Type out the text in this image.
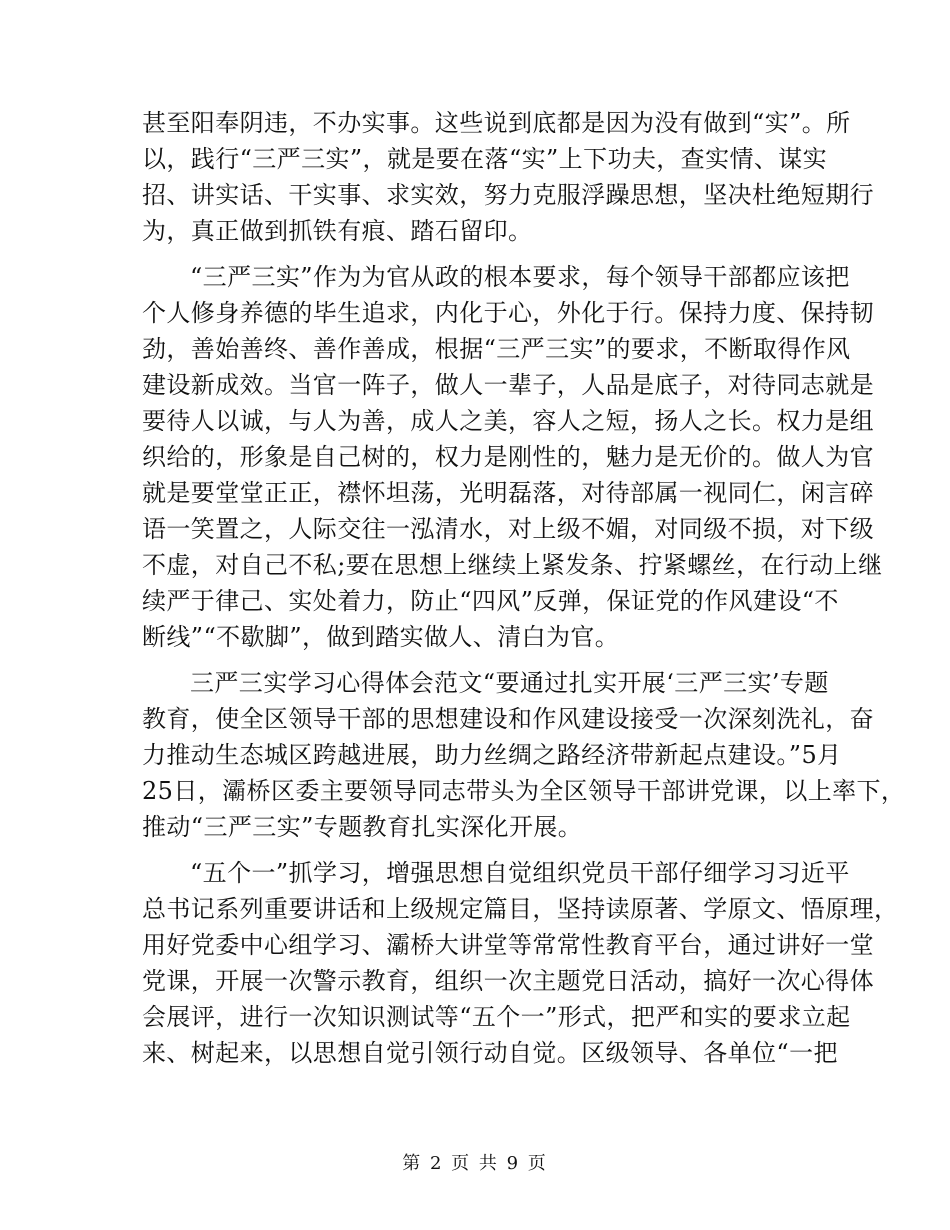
甚至阳奉阴违，不办实事。这些说到底都是因为没有做到“实”。所
以，践行“三严三实”，就是要在落“实”上下功夫，查实情、谋实
招、讲实话、干实事、求实效，努力克服浮躁思想，坚决杜绝短期行
为，真正做到抓铁有痕、踏石留印。
“三严三实”作为为官从政的根本要求，每个领导干部都应该把
个人修身养德的毕生追求，内化于心，外化于行。保持力度、保持韧
劲，善始善终、善作善成，根据“三严三实”的要求，不断取得作风
建设新成效。当官一阵子，做人一辈子，人品是底子，对待同志就是
要待人以诚，与人为善，成人之美，容人之短，扬人之长。权力是组
织给的，形象是自己树的，权力是刚性的，魅力是无价的。做人为官
就是要堂堂正正，襟怀坦荡，光明磊落，对待部属一视同仁，闲言碎
语一笑置之，人际交往一泓清水，对上级不媚，对同级不损，对下级
不虚，对自己不私;要在思想上继续上紧发条、拧紧螺丝，在行动上继
续严于律己、实处着力，防止“四风”反弹，保证党的作风建设“不
断线”“不歇脚”，做到踏实做人、清白为官。
三严三实学习心得体会范文“要通过扎实开展‘三严三实’专题
教育，使全区领导干部的思想建设和作风建设接受一次深刻洗礼，奋
力推动生态城区跨越进展，助力丝绸之路经济带新起点建设。”5月
25日，灞桥区委主要领导同志带头为全区领导干部讲党课，以上率下，
推动“三严三实”专题教育扎实深化开展。
“五个一”抓学习，增强思想自觉组织党员干部仔细学习习近平
总书记系列重要讲话和上级规定篇目，坚持读原著、学原文、悟原理，
用好党委中心组学习、灞桥大讲堂等常常性教育平台，通过讲好一堂
党课，开展一次警示教育，组织一次主题党日活动，搞好一次心得体
会展评，进行一次知识测试等“五个一”形式，把严和实的要求立起
来、树起来，以思想自觉引领行动自觉。区级领导、各单位“一把
第 2 页 共 9 页
